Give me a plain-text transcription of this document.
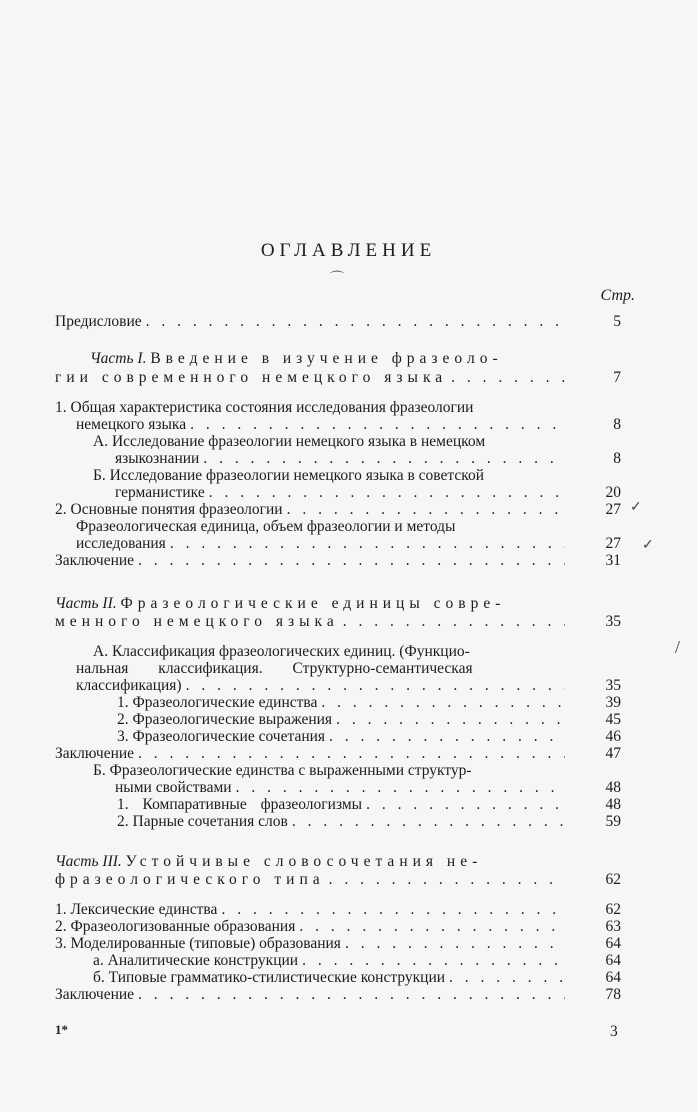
ОГЛАВЛЕНИЕ
Стр.
Предисловие . . .	5
Часть I. Введение в изучение фразеоло-
гии современного немецкого языка . . .	7
1. Общая характеристика состояния исследования фразеологии
немецкого языка . . .	8
А. Исследование фразеологии немецкого языка в немецком
языкознании . . .	8
Б. Исследование фразеологии немецкого языка в советской
германистике . . .	20
2. Основные понятия фразеологии . . .	27
Фразеологическая единица, объем фразеологии и методы
исследования . . .	27
Заключение . . .	31
Часть II. Фразеологические единицы совре-
менного немецкого языка . . .	35
А. Классификация фразеологических единиц. (Функцио-
нальная классификация. Структурно-семантическая
классификация) . . .	35
1. Фразеологические единства . . .	39
2. Фразеологические выражения . . .	45
3. Фразеологические сочетания . . .	46
Заключение . . .	47
Б. Фразеологические единства с выраженными структур-
ными свойствами . . .	48
1. Компаративные фразеологизмы . . .	48
2. Парные сочетания слов . . .	59
Часть III. Устойчивые словосочетания не-
фразеологического типа . . .	62
1. Лексические единства . . .	62
2. Фразеологизованные образования . . .	63
3. Моделированные (типовые) образования . . .	64
а. Аналитические конструкции . . .	64
б. Типовые грамматико-стилистические конструкции . . .	64
Заключение . . .	78
1*	3
⌒
✓
✓
/
